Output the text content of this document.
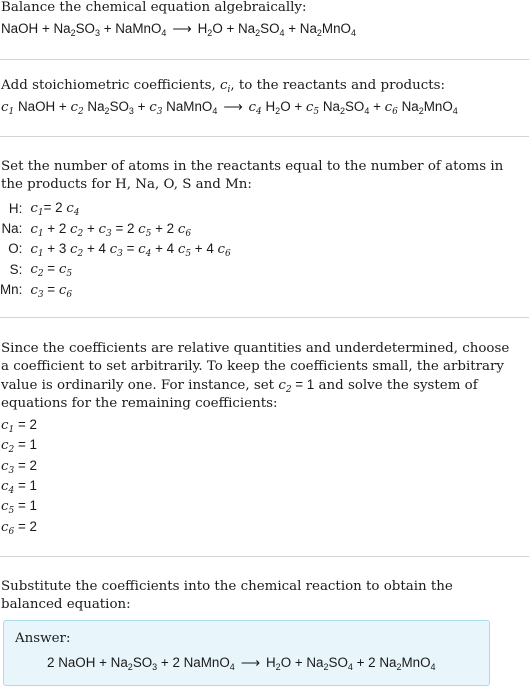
Balance the chemical equation algebraically:
NaOH + $Na_2SO_3$ + NaMnO$_4$ ⟶ $H_2O + Na_2SO_4 + Na_2MnO_4$
Add stoichiometric coefficients, $c_i$, to the reactants and products:
$c_1$ NaOH + $c_2$ $Na_2SO_3 + c_3$ NaMnO$_4$ ⟶ $c_4$ $H_2O + c_5$ $Na_2SO_4 + c_6$ $Na_2MnO_4$
Set the number of atoms in the reactants equal to the number of atoms in the products for H, Na, O, S and Mn:
H:	$c_1= 2$ $c_4$
Na:	$c_1 + 2$ $c_2 + c_3 = 2$ $c_5 + 2$ $c_6$
O:	$c_1 + 3$ $c_2 + 4$ $c_3 = c_4 + 4$ $c_5 + 4$ $c_6$
S:	$c_2 = c_5$
Mn:	$c_3 = c_6$
Since the coefficients are relative quantities and underdetermined, choose a coefficient to set arbitrarily. To keep the coefficients small, the arbitrary value is ordinarily one. For instance, set $c_2 = 1$ and solve the system of equations for the remaining coefficients:
$c_1 = 2$
$c_2 = 1$
$c_3 = 2$
$c_4 = 1$
$c_5 = 1$
$c_6 = 2$
Substitute the coefficients into the chemical reaction to obtain the balanced equation:
Answer:
2 NaOH + $Na_2SO_3 + 2$ NaMnO$_4$ ⟶ $H_2O + Na_2SO_4 + 2$ $Na_2MnO_4$
